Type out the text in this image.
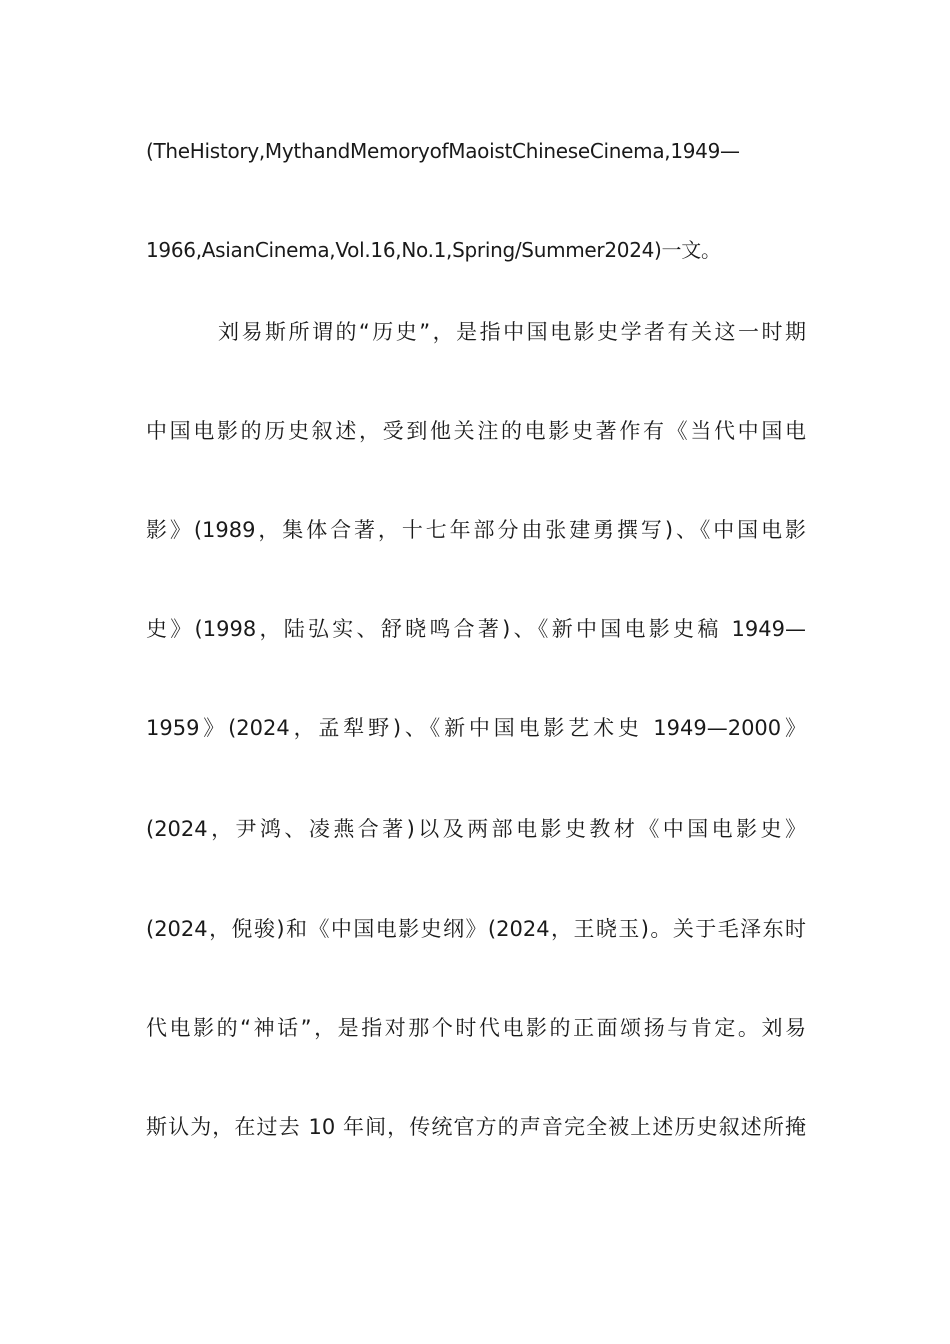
(TheHistory,MythandMemoryofMaoistChineseCinema,1949—
1966,AsianCinema,Vol.16,No.1,Spring/Summer2024)一文。
刘易斯所谓的“历史”，是指中国电影史学者有关这一时期
中国电影的历史叙述，受到他关注的电影史著作有《当代中国电
影》(1989，集体合著，十七年部分由张建勇撰写)、《中国电影
史》(1998，陆弘实、舒晓鸣合著)、《新中国电影史稿 1949—
1959》(2024，孟犁野)、《新中国电影艺术史 1949—2000》
(2024，尹鸿、凌燕合著)以及两部电影史教材《中国电影史》
(2024，倪骏)和《中国电影史纲》(2024，王晓玉)。关于毛泽东时
代电影的“神话”，是指对那个时代电影的正面颂扬与肯定。刘易
斯认为，在过去 10 年间，传统官方的声音完全被上述历史叙述所掩
